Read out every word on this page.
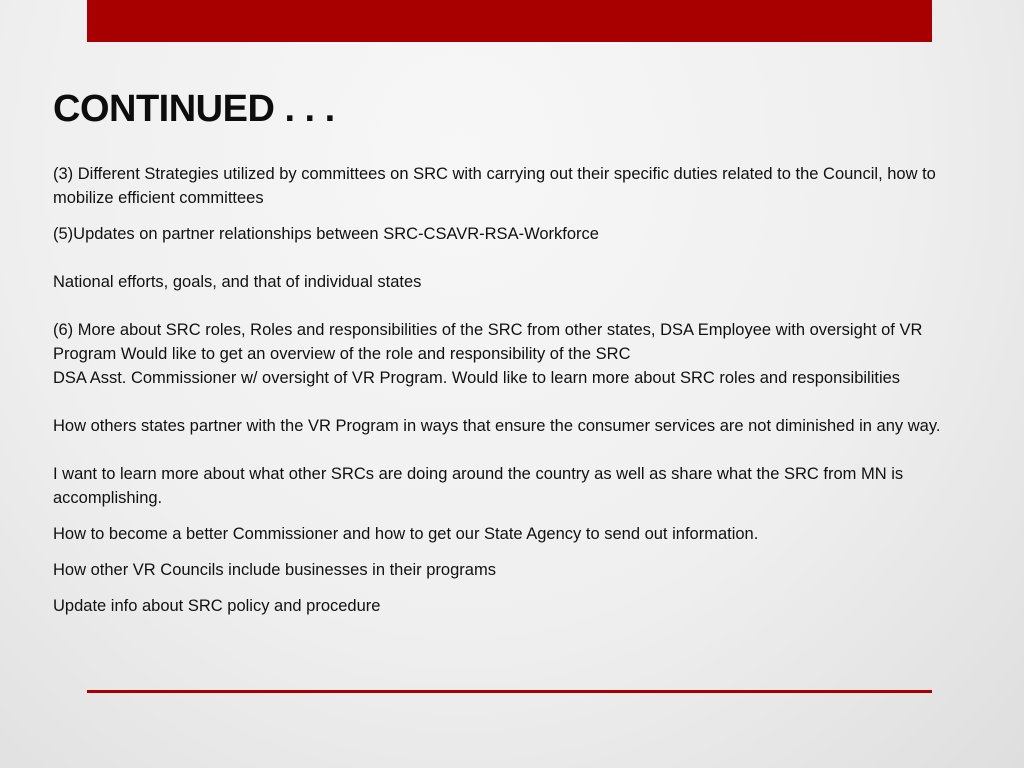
CONTINUED . . .

(3) Different Strategies utilized by committees on SRC with carrying out their specific duties related to the Council, how to mobilize efficient committees

(5)Updates on partner relationships between SRC-CSAVR-RSA-Workforce

National efforts, goals, and that of individual states

(6) More about SRC roles, Roles and responsibilities of the SRC from other states, DSA Employee with oversight of VR Program Would like to get an overview of the role and responsibility of the SRC

DSA Asst. Commissioner w/ oversight of VR Program. Would like to learn more about SRC roles and responsibilities

How others states partner with the VR Program in ways that ensure the consumer services are not diminished in any way.

I want to learn more about what other SRCs are doing around the country as well as share what the SRC from MN is accomplishing.

How to become a better Commissioner and how to get our State Agency to send out information.

How other VR Councils include businesses in their programs

Update info about SRC policy and procedure
